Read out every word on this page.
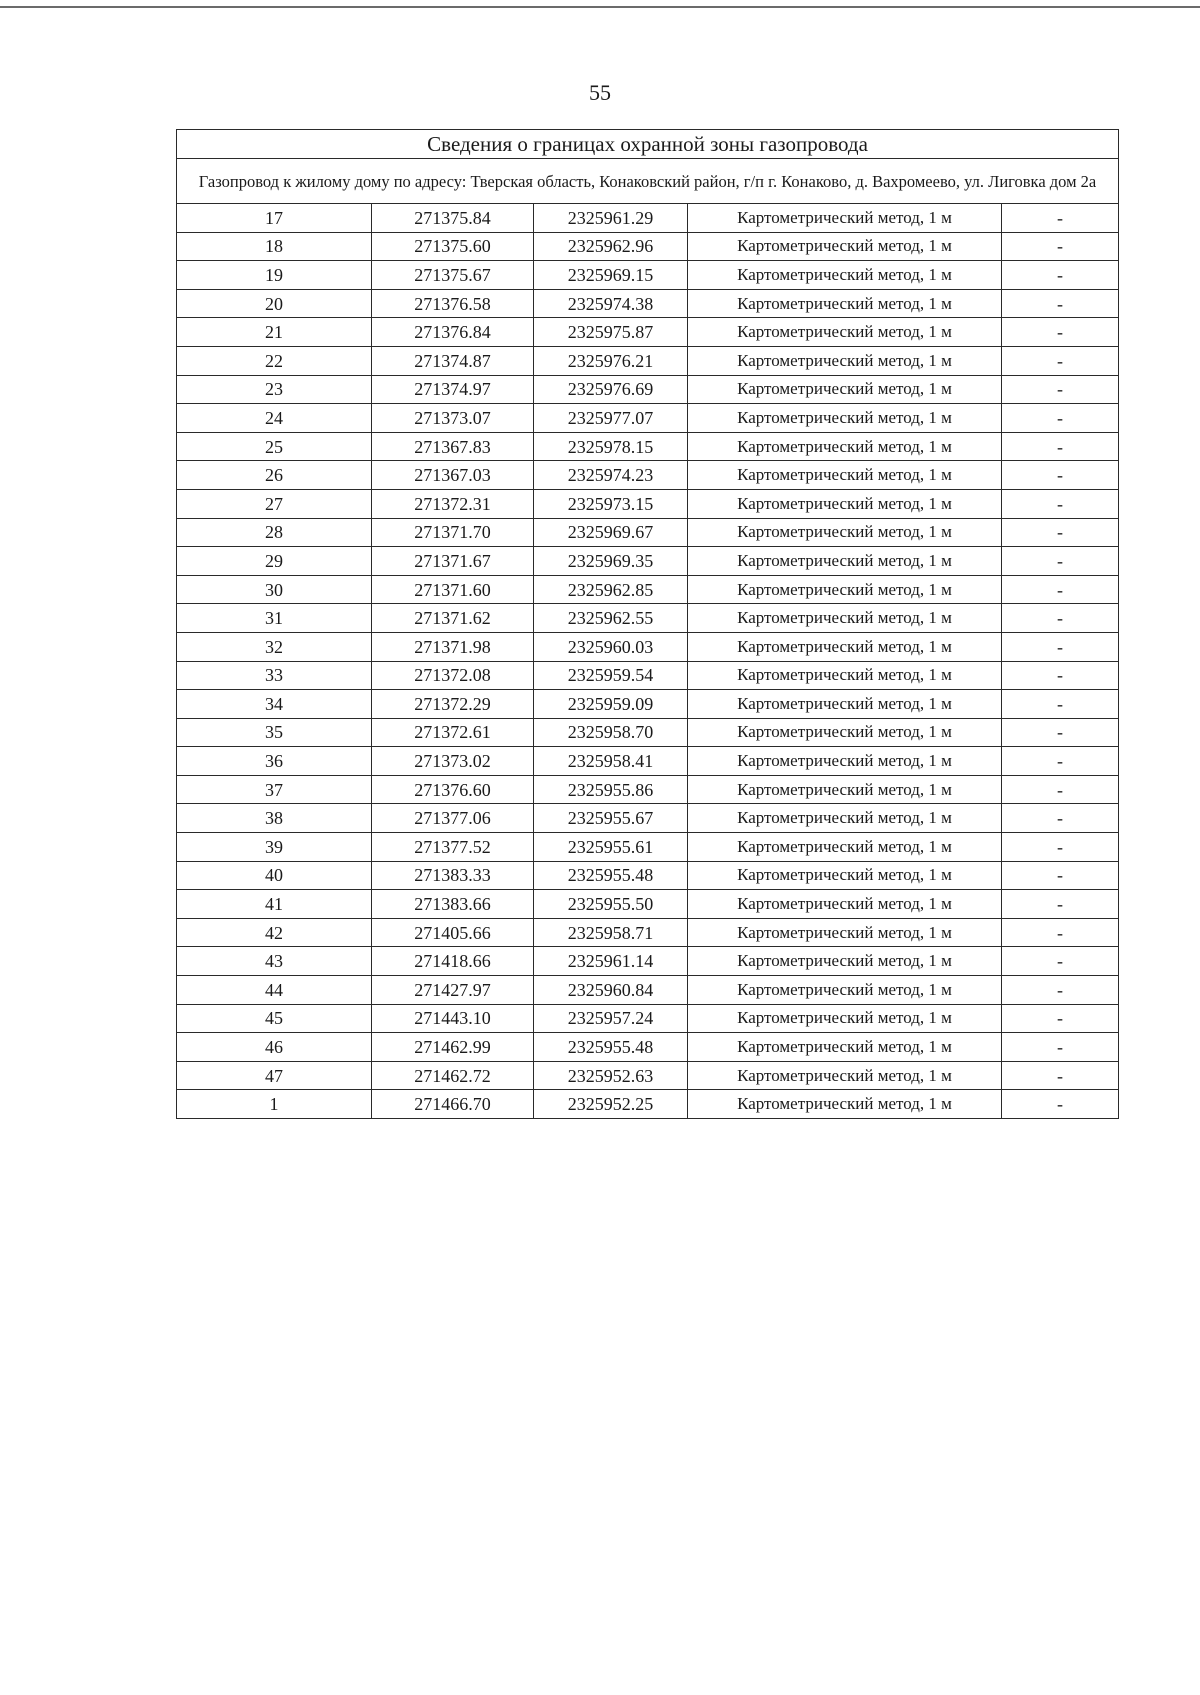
55
Сведения о границах охранной зоны газопровода				
Газопровод к жилому дому по адресу: Тверская область, Конаковский район, г/п г. Конаково, д. Вахромеево, ул. Лиговка дом 2а				
17	271375.84	2325961.29	Картометрический метод, 1 м	-
18	271375.60	2325962.96	Картометрический метод, 1 м	-
19	271375.67	2325969.15	Картометрический метод, 1 м	-
20	271376.58	2325974.38	Картометрический метод, 1 м	-
21	271376.84	2325975.87	Картометрический метод, 1 м	-
22	271374.87	2325976.21	Картометрический метод, 1 м	-
23	271374.97	2325976.69	Картометрический метод, 1 м	-
24	271373.07	2325977.07	Картометрический метод, 1 м	-
25	271367.83	2325978.15	Картометрический метод, 1 м	-
26	271367.03	2325974.23	Картометрический метод, 1 м	-
27	271372.31	2325973.15	Картометрический метод, 1 м	-
28	271371.70	2325969.67	Картометрический метод, 1 м	-
29	271371.67	2325969.35	Картометрический метод, 1 м	-
30	271371.60	2325962.85	Картометрический метод, 1 м	-
31	271371.62	2325962.55	Картометрический метод, 1 м	-
32	271371.98	2325960.03	Картометрический метод, 1 м	-
33	271372.08	2325959.54	Картометрический метод, 1 м	-
34	271372.29	2325959.09	Картометрический метод, 1 м	-
35	271372.61	2325958.70	Картометрический метод, 1 м	-
36	271373.02	2325958.41	Картометрический метод, 1 м	-
37	271376.60	2325955.86	Картометрический метод, 1 м	-
38	271377.06	2325955.67	Картометрический метод, 1 м	-
39	271377.52	2325955.61	Картометрический метод, 1 м	-
40	271383.33	2325955.48	Картометрический метод, 1 м	-
41	271383.66	2325955.50	Картометрический метод, 1 м	-
42	271405.66	2325958.71	Картометрический метод, 1 м	-
43	271418.66	2325961.14	Картометрический метод, 1 м	-
44	271427.97	2325960.84	Картометрический метод, 1 м	-
45	271443.10	2325957.24	Картометрический метод, 1 м	-
46	271462.99	2325955.48	Картометрический метод, 1 м	-
47	271462.72	2325952.63	Картометрический метод, 1 м	-
1	271466.70	2325952.25	Картометрический метод, 1 м	-
